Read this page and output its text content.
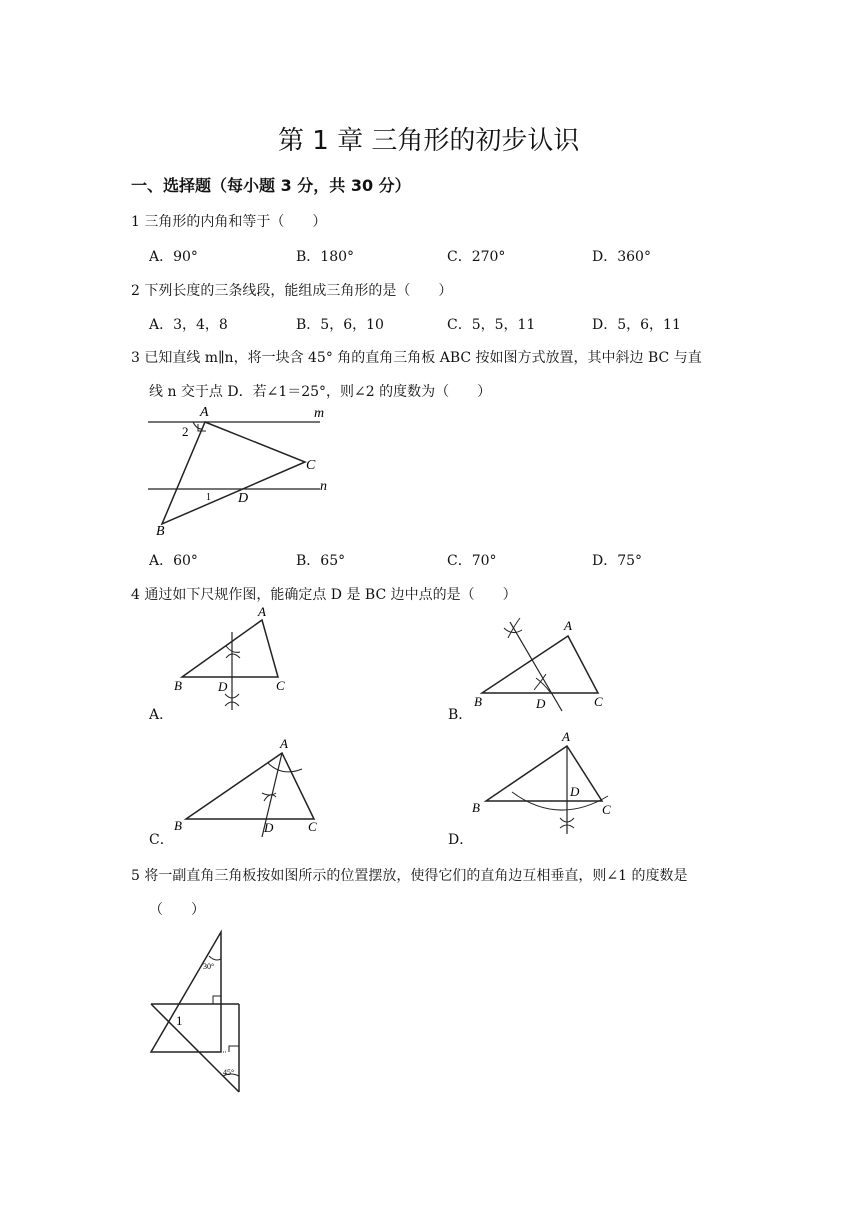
第 1 章 三角形的初步认识
一、选择题（每小题 3 分，共 30 分）
1 三角形的内角和等于（　　）
A．90°	B．180°	C．270°	D．360°
2 下列长度的三条线段，能组成三角形的是（　　）
A．3，4，8	B．5，6，10	C．5，5，11	D．5，6，11
3 已知直线 m∥n，将一块含 45° 角的直角三角板 ABC 按如图方式放置，其中斜边 BC 与直
线 n 交于点 D．若∠1＝25°，则∠2 的度数为（　　）
A	m
n
C
D
B
2
1
A．60°	B．65°	C．70°	D．75°
4 通过如下尺规作图，能确定点 D 是 BC 边中点的是（　　）
A．
A
B	C
D
B．
A
B	C
D
C．
A
B	C
D
D．
A
B	C
D
5 将一副直角三角板按如图所示的位置摆放，使得它们的直角边互相垂直，则∠1 的度数是
（　　）
30°
45°
1
